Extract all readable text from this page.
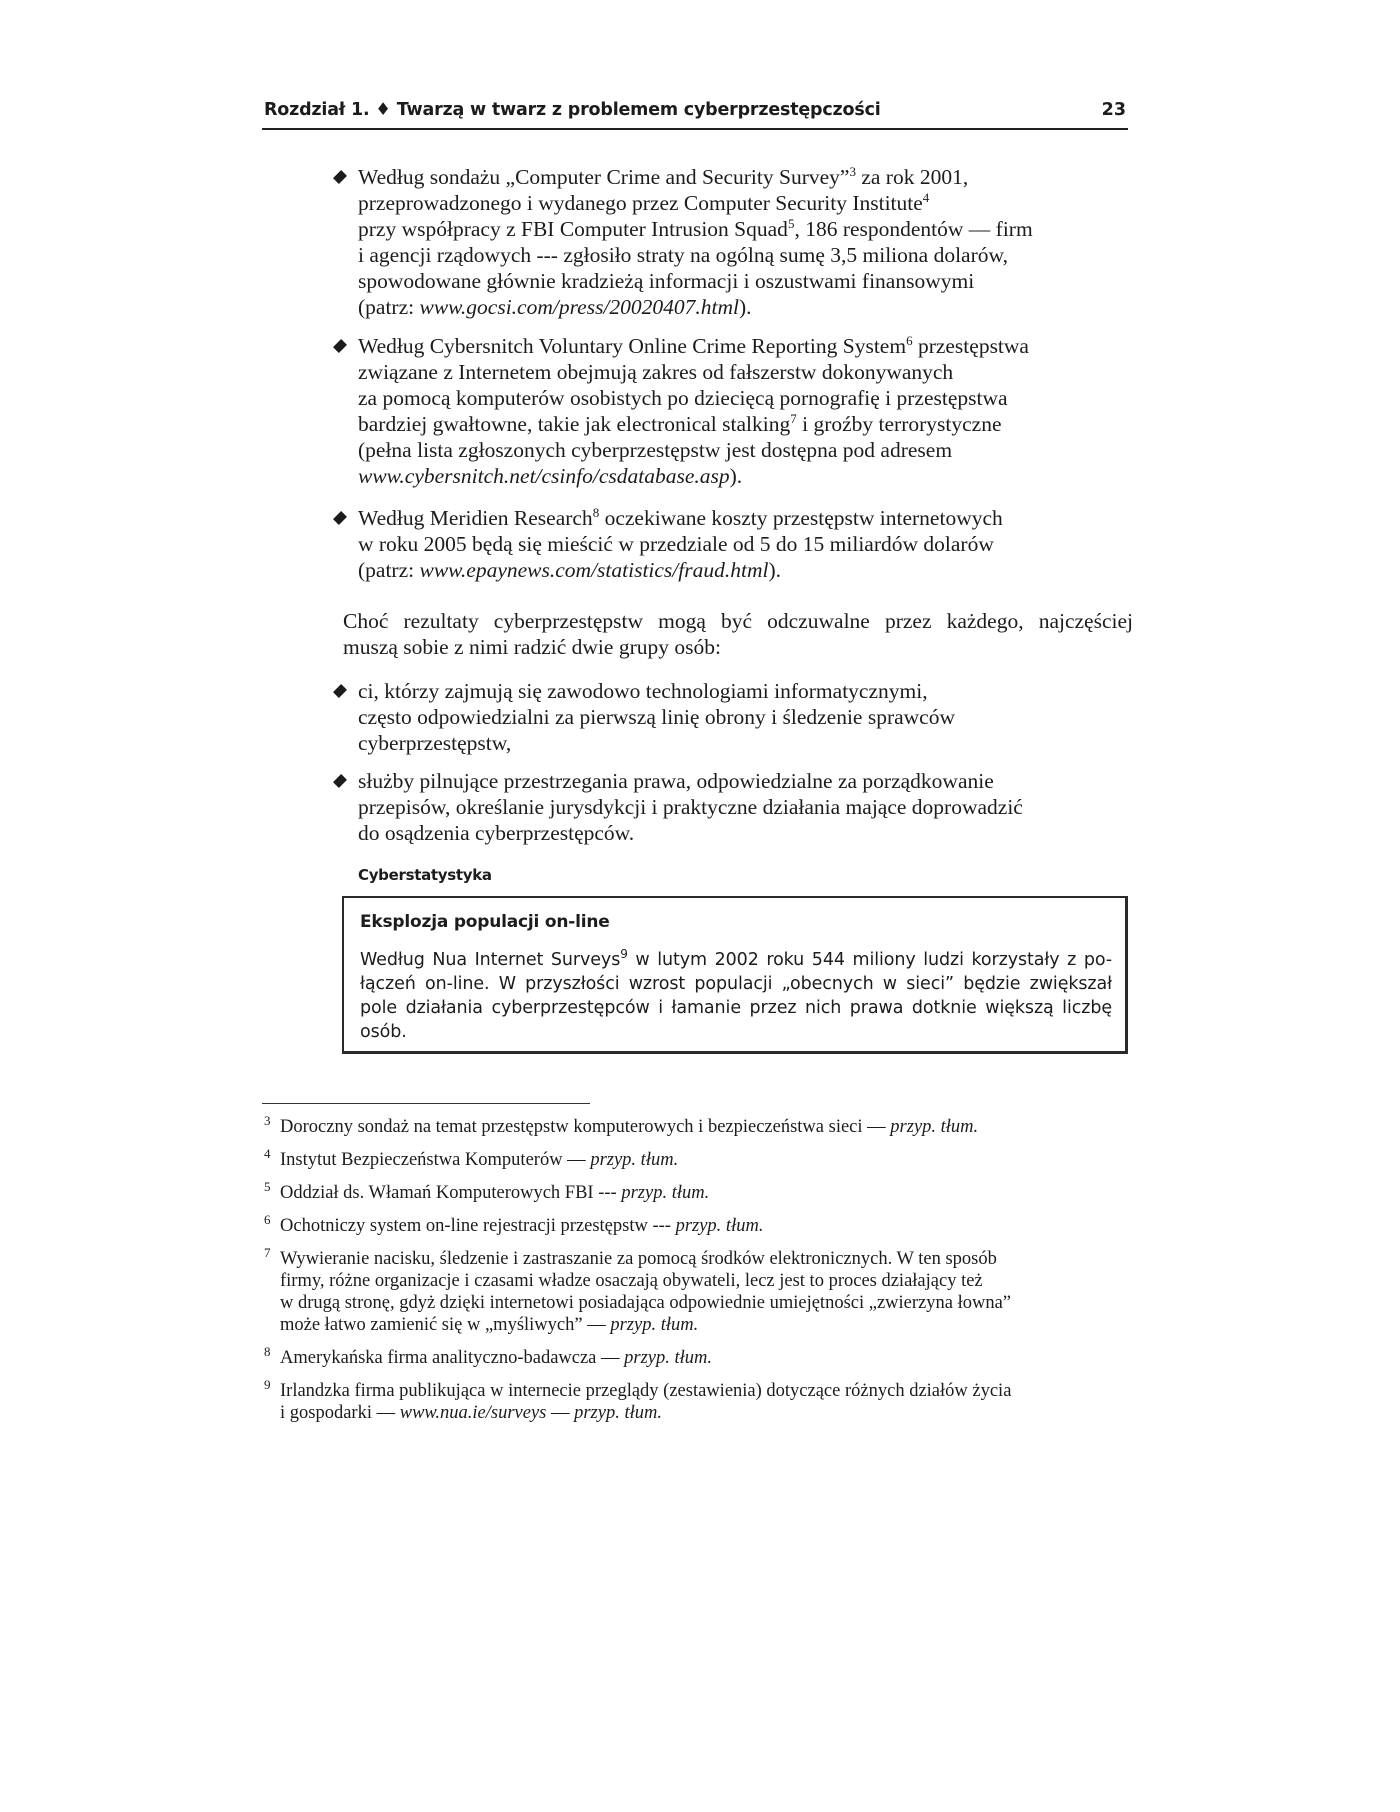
Rozdział 1. ♦ Twarzą w twarz z problemem cyberprzestępczości	23
Według sondażu „Computer Crime and Security Survey”$^3$ za rok 2001,
przeprowadzonego i wydanego przez Computer Security Institute$^4$
przy współpracy z FBI Computer Intrusion Squad$^5$, 186 respondentów — firm
i agencji rządowych --- zgłosiło straty na ogólną sumę 3,5 miliona dolarów,
spowodowane głównie kradzieżą informacji i oszustwami finansowymi
(patrz: www.gocsi.com/press/20020407.html).
Według Cybersnitch Voluntary Online Crime Reporting System$^6$ przestępstwa
związane z Internetem obejmują zakres od fałszerstw dokonywanych
za pomocą komputerów osobistych po dziecięcą pornografię i przestępstwa
bardziej gwałtowne, takie jak electronical stalking$^7$ i groźby terrorystyczne
(pełna lista zgłoszonych cyberprzestępstw jest dostępna pod adresem
www.cybersnitch.net/csinfo/csdatabase.asp).
Według Meridien Research$^8$ oczekiwane koszty przestępstw internetowych
w roku 2005 będą się mieścić w przedziale od 5 do 15 miliardów dolarów
(patrz: www.epaynews.com/statistics/fraud.html).
Choć rezultaty cyberprzestępstw mogą być odczuwalne przez każdego, najczęściej
muszą sobie z nimi radzić dwie grupy osób:
ci, którzy zajmują się zawodowo technologiami informatycznymi,
często odpowiedzialni za pierwszą linię obrony i śledzenie sprawców
cyberprzestępstw,
służby pilnujące przestrzegania prawa, odpowiedzialne za porządkowanie
przepisów, określanie jurysdykcji i praktyczne działania mające doprowadzić
do osądzenia cyberprzestępców.
Cyberstatystyka
Eksplozja populacji on-line
Według Nua Internet Surveys$^9$ w lutym 2002 roku 544 miliony ludzi korzystały z po-
łączeń on-line. W przyszłości wzrost populacji „obecnych w sieci” będzie zwiększał
pole działania cyberprzestępców i łamanie przez nich prawa dotknie większą liczbę
osób.
3 Doroczny sondaż na temat przestępstw komputerowych i bezpieczeństwa sieci — przyp. tłum.
4 Instytut Bezpieczeństwa Komputerów — przyp. tłum.
5 Oddział ds. Włamań Komputerowych FBI --- przyp. tłum.
6 Ochotniczy system on-line rejestracji przestępstw --- przyp. tłum.
7 Wywieranie nacisku, śledzenie i zastraszanie za pomocą środków elektronicznych. W ten sposób
firmy, różne organizacje i czasami władze osaczają obywateli, lecz jest to proces działający też
w drugą stronę, gdyż dzięki internetowi posiadająca odpowiednie umiejętności „zwierzyna łowna”
może łatwo zamienić się w „myśliwych” — przyp. tłum.
8 Amerykańska firma analityczno-badawcza — przyp. tłum.
9 Irlandzka firma publikująca w internecie przeglądy (zestawienia) dotyczące różnych działów życia
i gospodarki — www.nua.ie/surveys — przyp. tłum.
